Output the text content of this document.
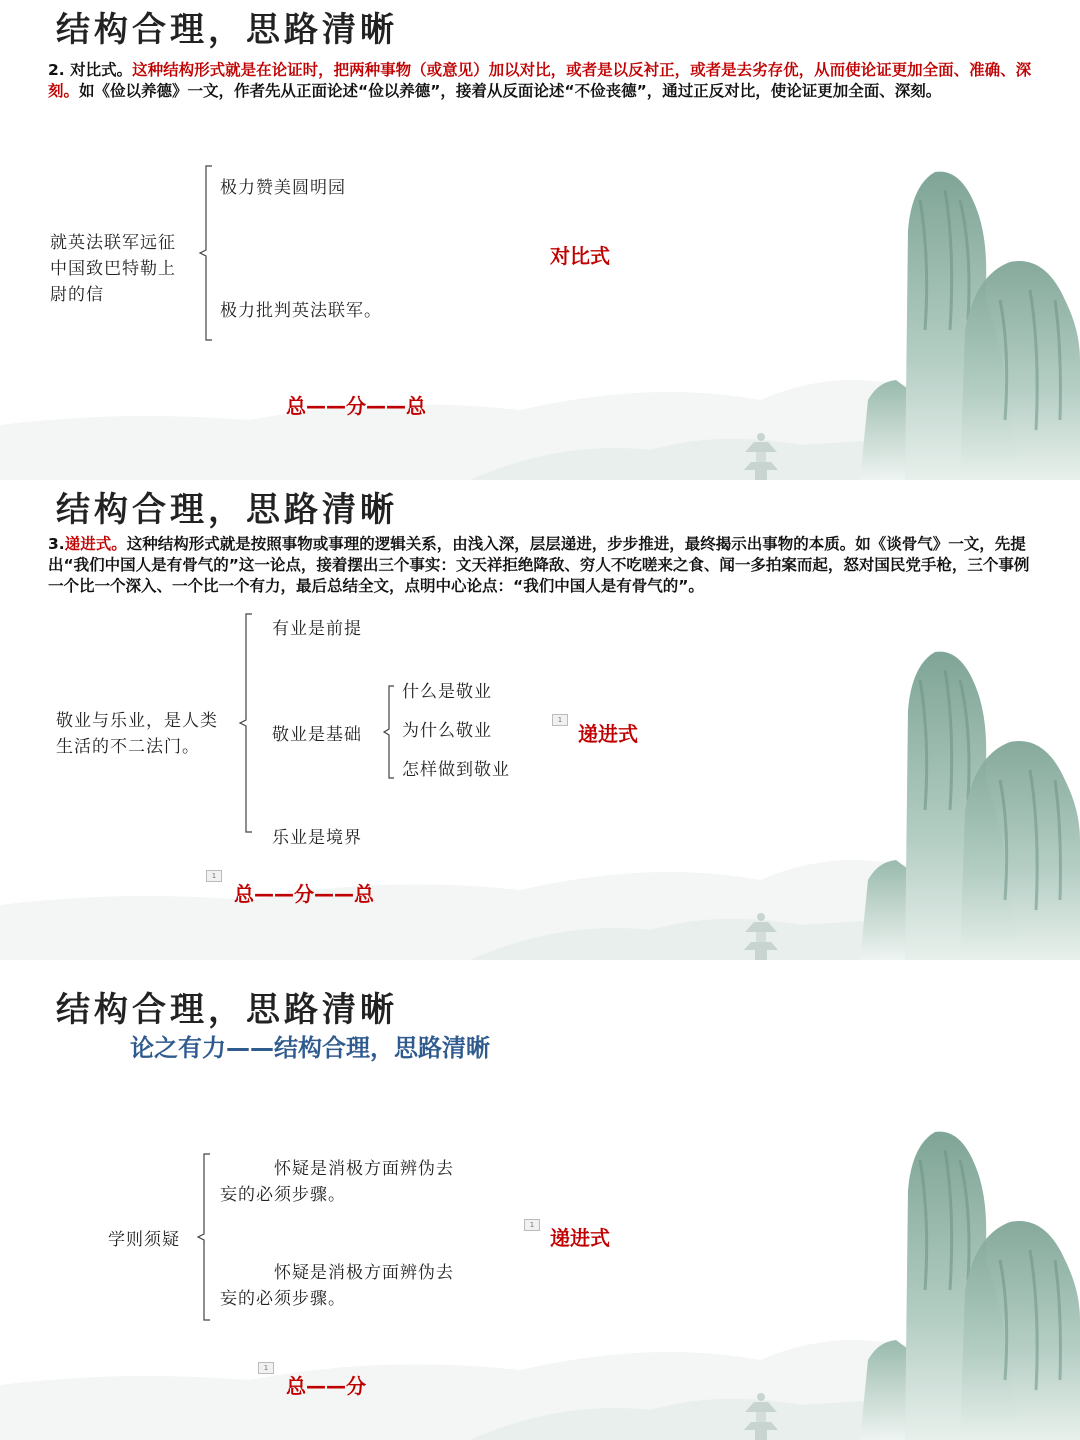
结构合理，思路清晰
2. 对比式。这种结构形式就是在论证时，把两种事物（或意见）加以对比，或者是以反衬正，或者是去劣存优，从而使论证更加全面、准确、深刻。如《俭以养德》一文，作者先从正面论述“俭以养德”，接着从反面论述“不俭丧德”，通过正反对比，使论证更加全面、深刻。
就英法联军远征中国致巴特勒上尉的信
极力赞美圆明园
极力批判英法联军。
对比式
总——分——总
结构合理，思路清晰
3.递进式。这种结构形式就是按照事物或事理的逻辑关系，由浅入深，层层递进，步步推进，最终揭示出事物的本质。如《谈骨气》一文，先提出“我们中国人是有骨气的”这一论点，接着摆出三个事实：文天祥拒绝降敌、穷人不吃嗟来之食、闻一多拍案而起，怒对国民党手枪，三个事例一个比一个深入、一个比一个有力，最后总结全文，点明中心论点：“我们中国人是有骨气的”。
敬业与乐业，是人类生活的不二法门。
有业是前提
敬业是基础
乐业是境界
什么是敬业
为什么敬业
怎样做到敬业
1
递进式
1
总——分——总
结构合理，思路清晰
论之有力——结构合理，思路清晰
学则须疑
怀疑是消极方面辨伪去妄的必须步骤。
怀疑是消极方面辨伪去妄的必须步骤。
1
递进式
1
总——分
